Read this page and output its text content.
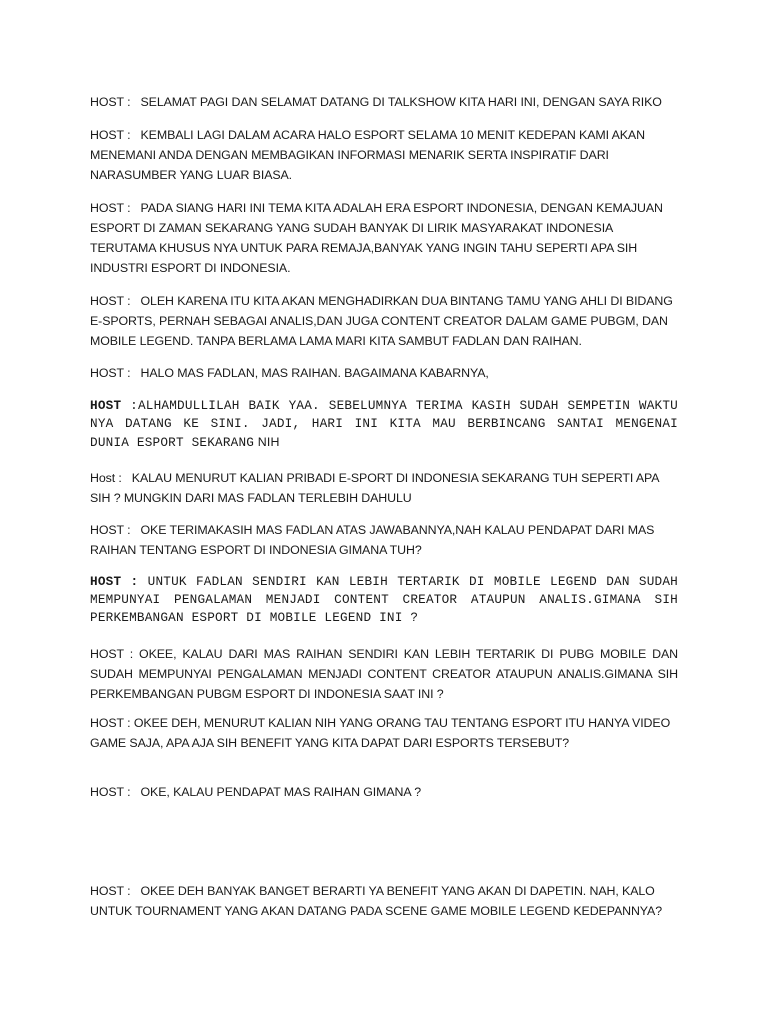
HOST : SELAMAT PAGI DAN SELAMAT DATANG DI TALKSHOW KITA HARI INI, DENGAN SAYA RIKO

HOST : KEMBALI LAGI DALAM ACARA HALO ESPORT SELAMA 10 MENIT KEDEPAN KAMI AKAN MENEMANI ANDA DENGAN MEMBAGIKAN INFORMASI MENARIK SERTA INSPIRATIF DARI NARASUMBER YANG LUAR BIASA.

HOST : PADA SIANG HARI INI TEMA KITA ADALAH ERA ESPORT INDONESIA, DENGAN KEMAJUAN ESPORT DI ZAMAN SEKARANG YANG SUDAH BANYAK DI LIRIK MASYARAKAT INDONESIA TERUTAMA KHUSUS NYA UNTUK PARA REMAJA,BANYAK YANG INGIN TAHU SEPERTI APA SIH INDUSTRI ESPORT DI INDONESIA.

HOST : OLEH KARENA ITU KITA AKAN MENGHADIRKAN DUA BINTANG TAMU YANG AHLI DI BIDANG E-SPORTS, PERNAH SEBAGAI ANALIS,DAN JUGA CONTENT CREATOR DALAM GAME PUBGM, DAN MOBILE LEGEND. TANPA BERLAMA LAMA MARI KITA SAMBUT FADLAN DAN RAIHAN.

HOST : HALO MAS FADLAN, MAS RAIHAN. BAGAIMANA KABARNYA,

HOST :ALHAMDULLILAH BAIK YAA. SEBELUMNYA TERIMA KASIH SUDAH SEMPETIN WAKTU NYA DATANG KE SINI. JADI, HARI INI KITA MAU BERBINCANG SANTAI MENGENAI DUNIA ESPORT SEKARANG NIH

Host : KALAU MENURUT KALIAN PRIBADI E-SPORT DI INDONESIA SEKARANG TUH SEPERTI APA SIH ? MUNGKIN DARI MAS FADLAN TERLEBIH DAHULU

HOST : OKE TERIMAKASIH MAS FADLAN ATAS JAWABANNYA,NAH KALAU PENDAPAT DARI MAS RAIHAN TENTANG ESPORT DI INDONESIA GIMANA TUH?

HOST : UNTUK FADLAN SENDIRI KAN LEBIH TERTARIK DI MOBILE LEGEND DAN SUDAH MEMPUNYAI PENGALAMAN MENJADI CONTENT CREATOR ATAUPUN ANALIS.GIMANA SIH PERKEMBANGAN ESPORT DI MOBILE LEGEND INI ?

HOST : OKEE, KALAU DARI MAS RAIHAN SENDIRI KAN LEBIH TERTARIK DI PUBG MOBILE DAN SUDAH MEMPUNYAI PENGALAMAN MENJADI CONTENT CREATOR ATAUPUN ANALIS.GIMANA SIH PERKEMBANGAN PUBGM ESPORT DI INDONESIA SAAT INI ?

HOST : OKEE DEH, MENURUT KALIAN NIH YANG ORANG TAU TENTANG ESPORT ITU HANYA VIDEO GAME SAJA, APA AJA SIH BENEFIT YANG KITA DAPAT DARI ESPORTS TERSEBUT?

HOST : OKE, KALAU PENDAPAT MAS RAIHAN GIMANA ?

HOST : OKEE DEH BANYAK BANGET BERARTI YA BENEFIT YANG AKAN DI DAPETIN. NAH, KALO UNTUK TOURNAMENT YANG AKAN DATANG PADA SCENE GAME MOBILE LEGEND KEDEPANNYA?
